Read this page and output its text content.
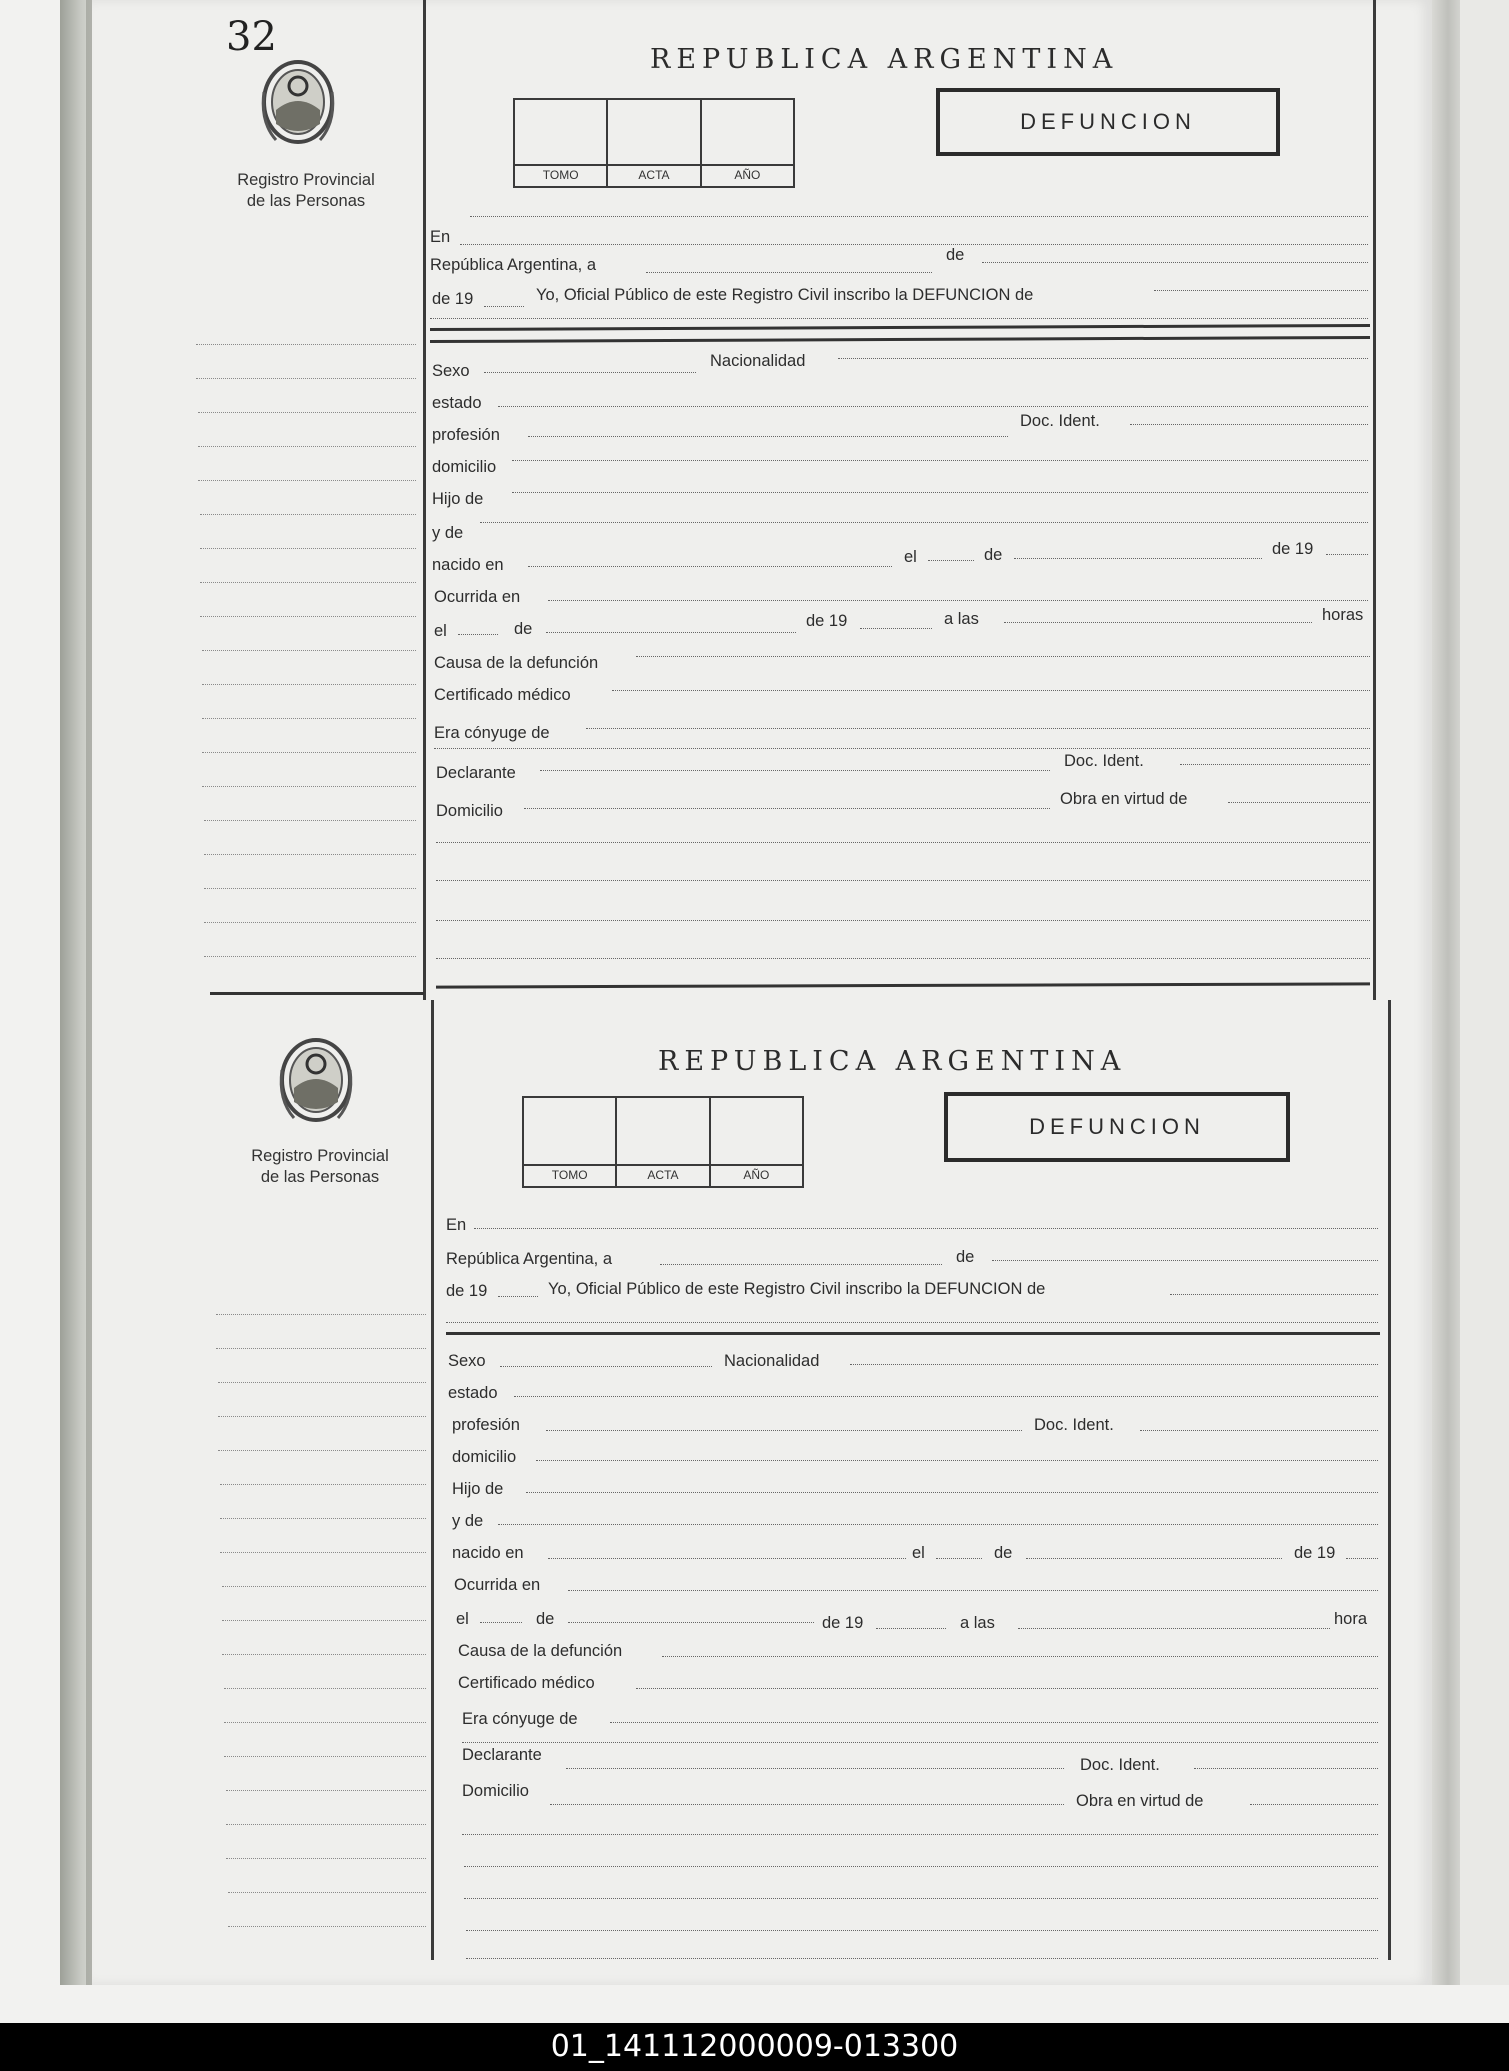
32
Registro Provincial
de las Personas
REPUBLICA ARGENTINA
DEFUNCION
TOMO	ACTA	AÑO
En
República Argentina, a
de
de 19	Yo, Oficial Público de este Registro Civil inscribo la DEFUNCION de
Sexo
Nacionalidad
estado
profesión
Doc. Ident.
domicilio
Hijo de
y de
nacido en	el	de	de 19
Ocurrida en
el	de	de 19	a las	horas
Causa de la defunción
Certificado médico
Era cónyuge de
Declarante
Doc. Ident.
Domicilio
Obra en virtud de
Registro Provincial
de las Personas
REPUBLICA ARGENTINA
DEFUNCION
TOMO	ACTA	AÑO
En
República Argentina, a	de
de 19	Yo, Oficial Público de este Registro Civil inscribo la DEFUNCION de
Sexo	Nacionalidad
estado
profesión	Doc. Ident.
domicilio
Hijo de
y de
nacido en	el	de	de 19
Ocurrida en
el	de	de 19	a las	hora
Causa de la defunción
Certificado médico
Era cónyuge de
Declarante
Doc. Ident.
Domicilio
Obra en virtud de
01_141112000009-013300
